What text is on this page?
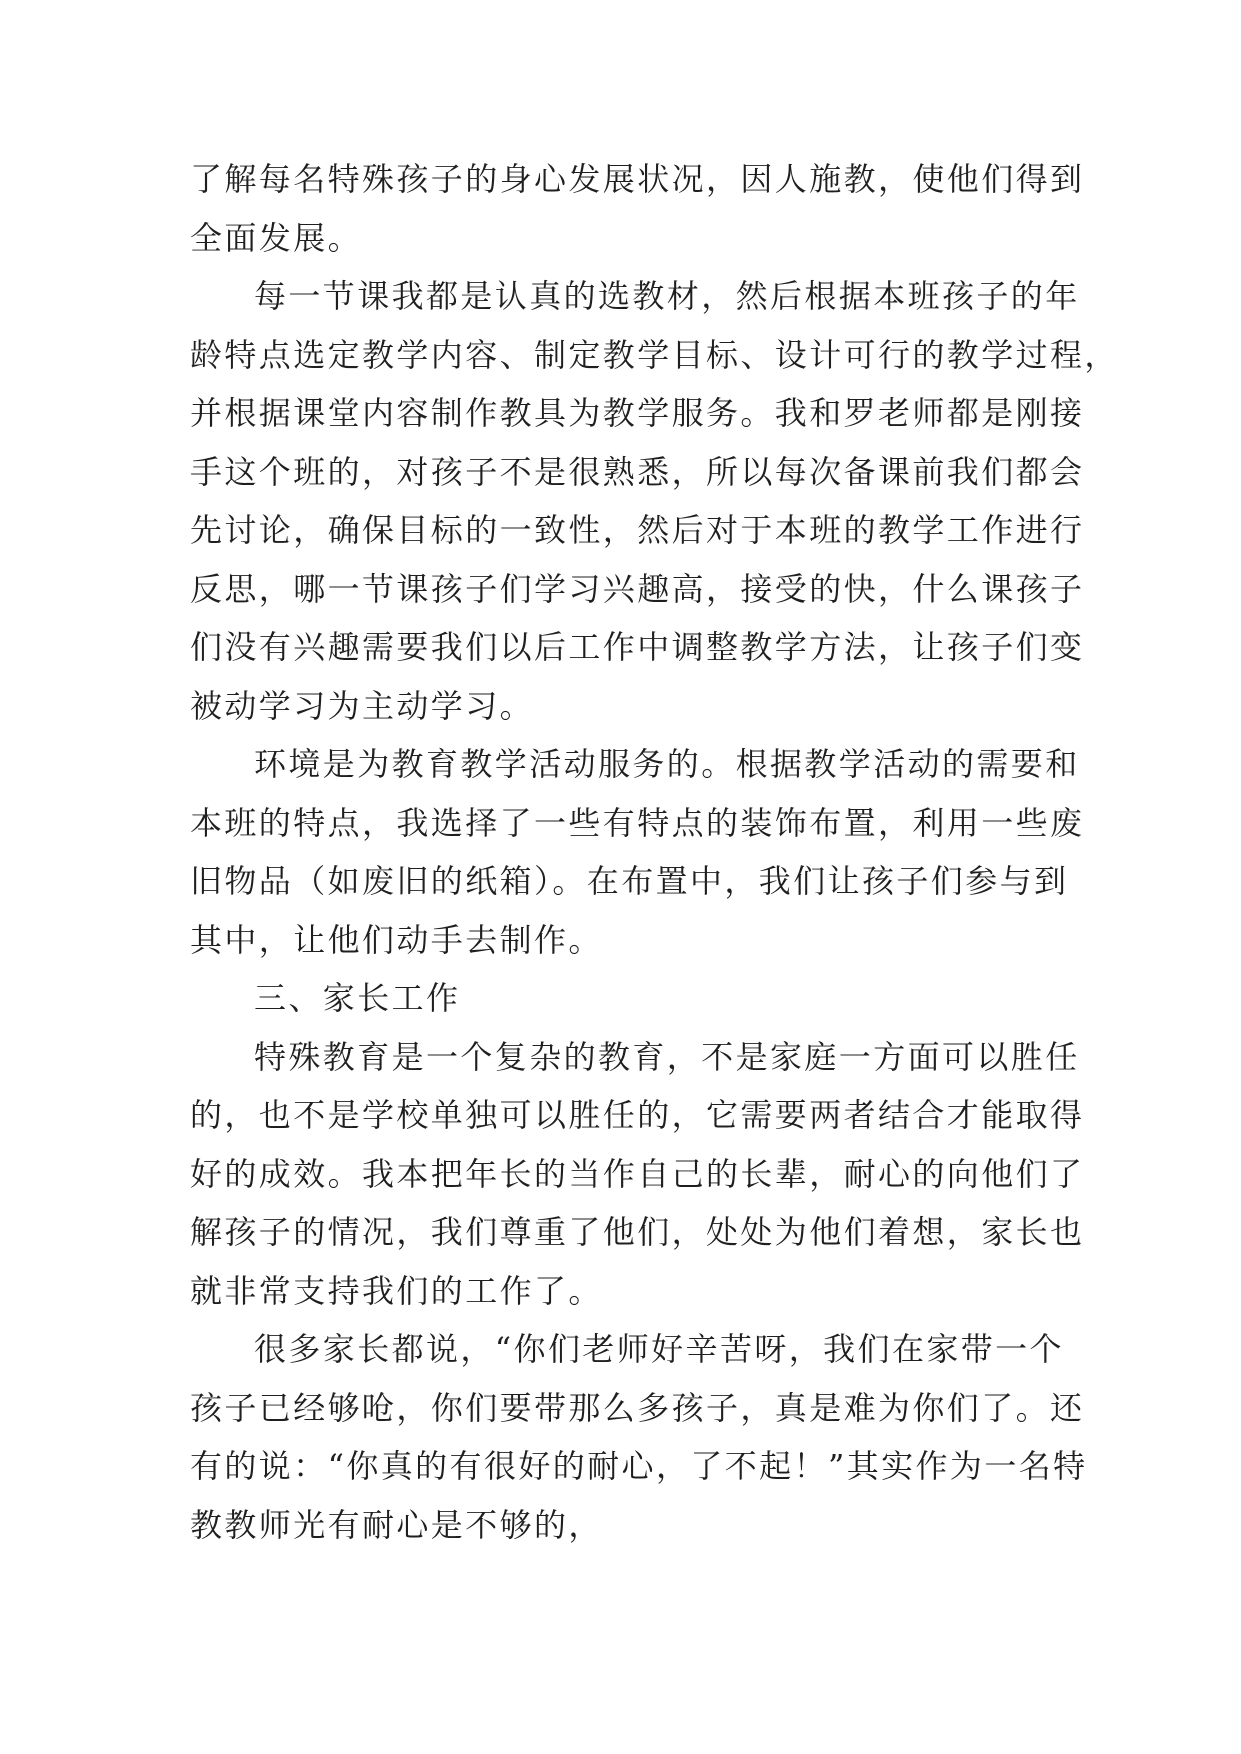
了解每名特殊孩子的身心发展状况，因人施教，使他们得到
全面发展。
每一节课我都是认真的选教材，然后根据本班孩子的年
龄特点选定教学内容、制定教学目标、设计可行的教学过程，
并根据课堂内容制作教具为教学服务。我和罗老师都是刚接
手这个班的，对孩子不是很熟悉，所以每次备课前我们都会
先讨论，确保目标的一致性，然后对于本班的教学工作进行
反思，哪一节课孩子们学习兴趣高，接受的快，什么课孩子
们没有兴趣需要我们以后工作中调整教学方法，让孩子们变
被动学习为主动学习。
环境是为教育教学活动服务的。根据教学活动的需要和
本班的特点，我选择了一些有特点的装饰布置，利用一些废
旧物品（如废旧的纸箱）。在布置中，我们让孩子们参与到
其中，让他们动手去制作。
三、家长工作
特殊教育是一个复杂的教育，不是家庭一方面可以胜任
的，也不是学校单独可以胜任的，它需要两者结合才能取得
好的成效。我本把年长的当作自己的长辈，耐心的向他们了
解孩子的情况，我们尊重了他们，处处为他们着想，家长也
就非常支持我们的工作了。
很多家长都说，“你们老师好辛苦呀，我们在家带一个
孩子已经够呛，你们要带那么多孩子，真是难为你们了。还
有的说：“你真的有很好的耐心，了不起！”其实作为一名特
教教师光有耐心是不够的，
